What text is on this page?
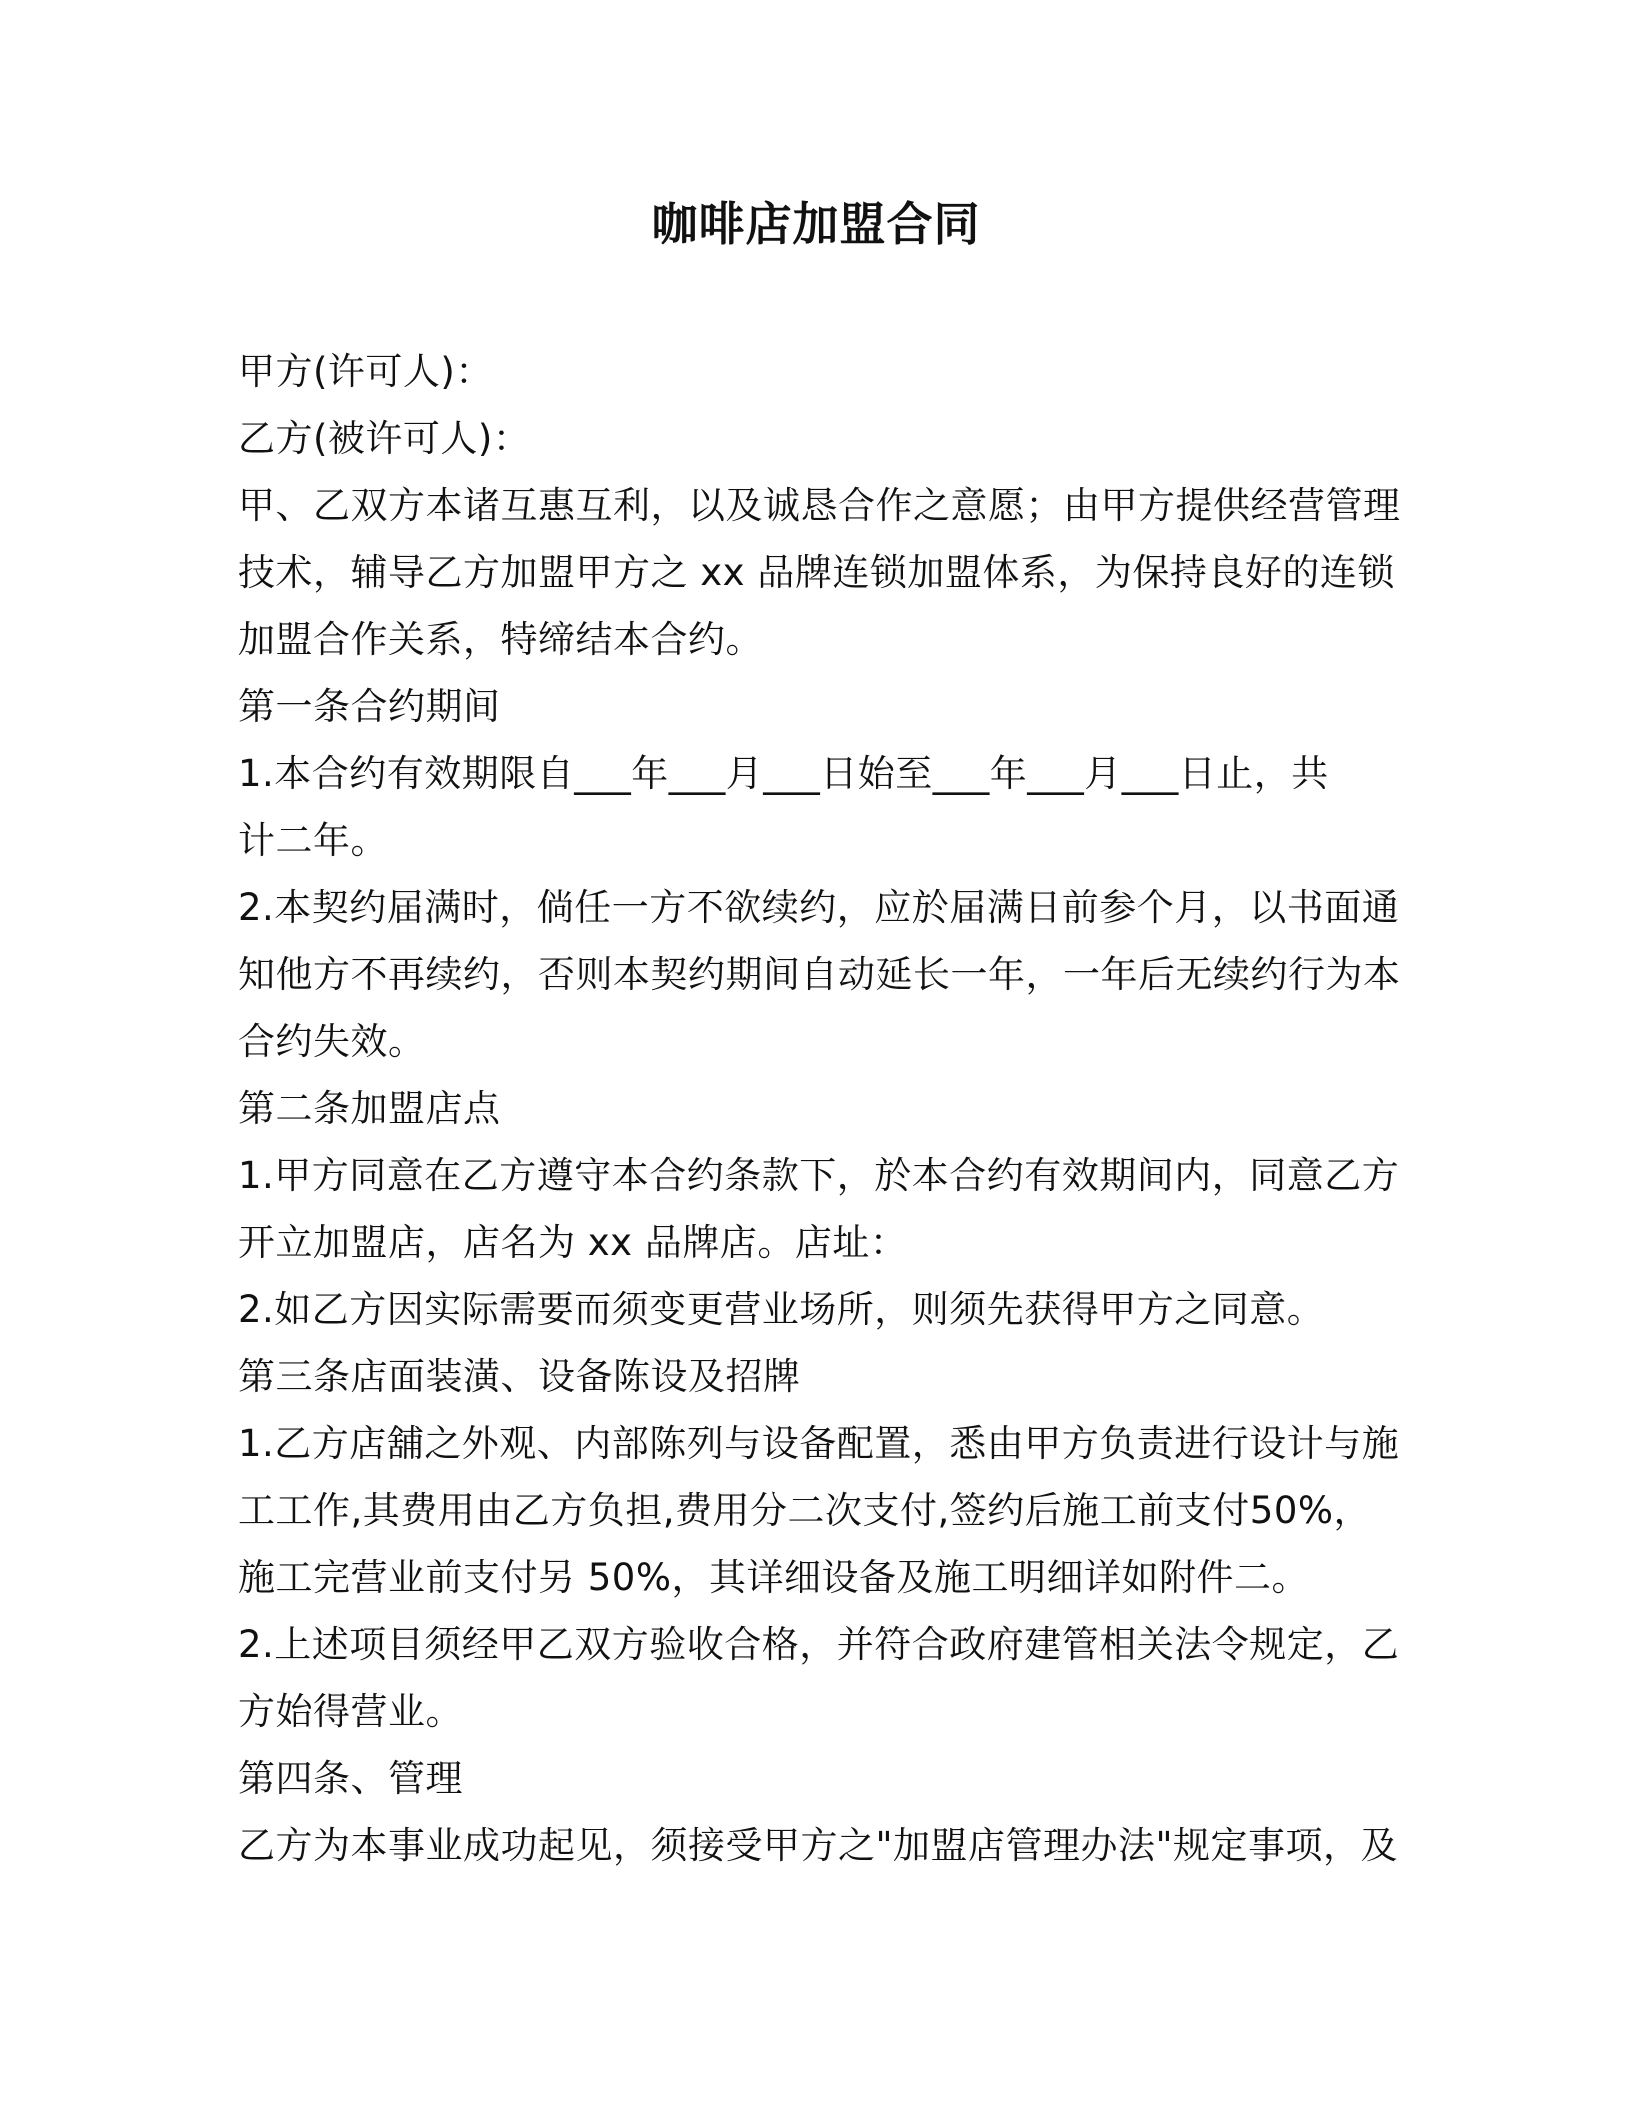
咖啡店加盟合同

甲方(许可人)：

乙方(被许可人)：

甲、乙双方本诸互惠互利，以及诚恳合作之意愿；由甲方提供经营管理

技术，辅导乙方加盟甲方之 xx 品牌连锁加盟体系，为保持良好的连锁

加盟合作关系，特缔结本合约。

第一条合约期间

1.本合约有效期限自___年___月___日始至___年___月___日止，共

计二年。

2.本契约届满时，倘任一方不欲续约，应於届满日前参个月，以书面通

知他方不再续约，否则本契约期间自动延长一年，一年后无续约行为本

合约失效。

第二条加盟店点

1.甲方同意在乙方遵守本合约条款下，於本合约有效期间内，同意乙方

开立加盟店，店名为 xx 品牌店。店址：

2.如乙方因实际需要而须变更营业场所，则须先获得甲方之同意。

第三条店面装潢、设备陈设及招牌

1.乙方店舖之外观、内部陈列与设备配置，悉由甲方负责进行设计与施

工工作,其费用由乙方负担,费用分二次支付,签约后施工前支付50%，

施工完营业前支付另 50%，其详细设备及施工明细详如附件二。

2.上述项目须经甲乙双方验收合格，并符合政府建管相关法令规定，乙

方始得营业。

第四条、管理

乙方为本事业成功起见，须接受甲方之"加盟店管理办法"规定事项，及
